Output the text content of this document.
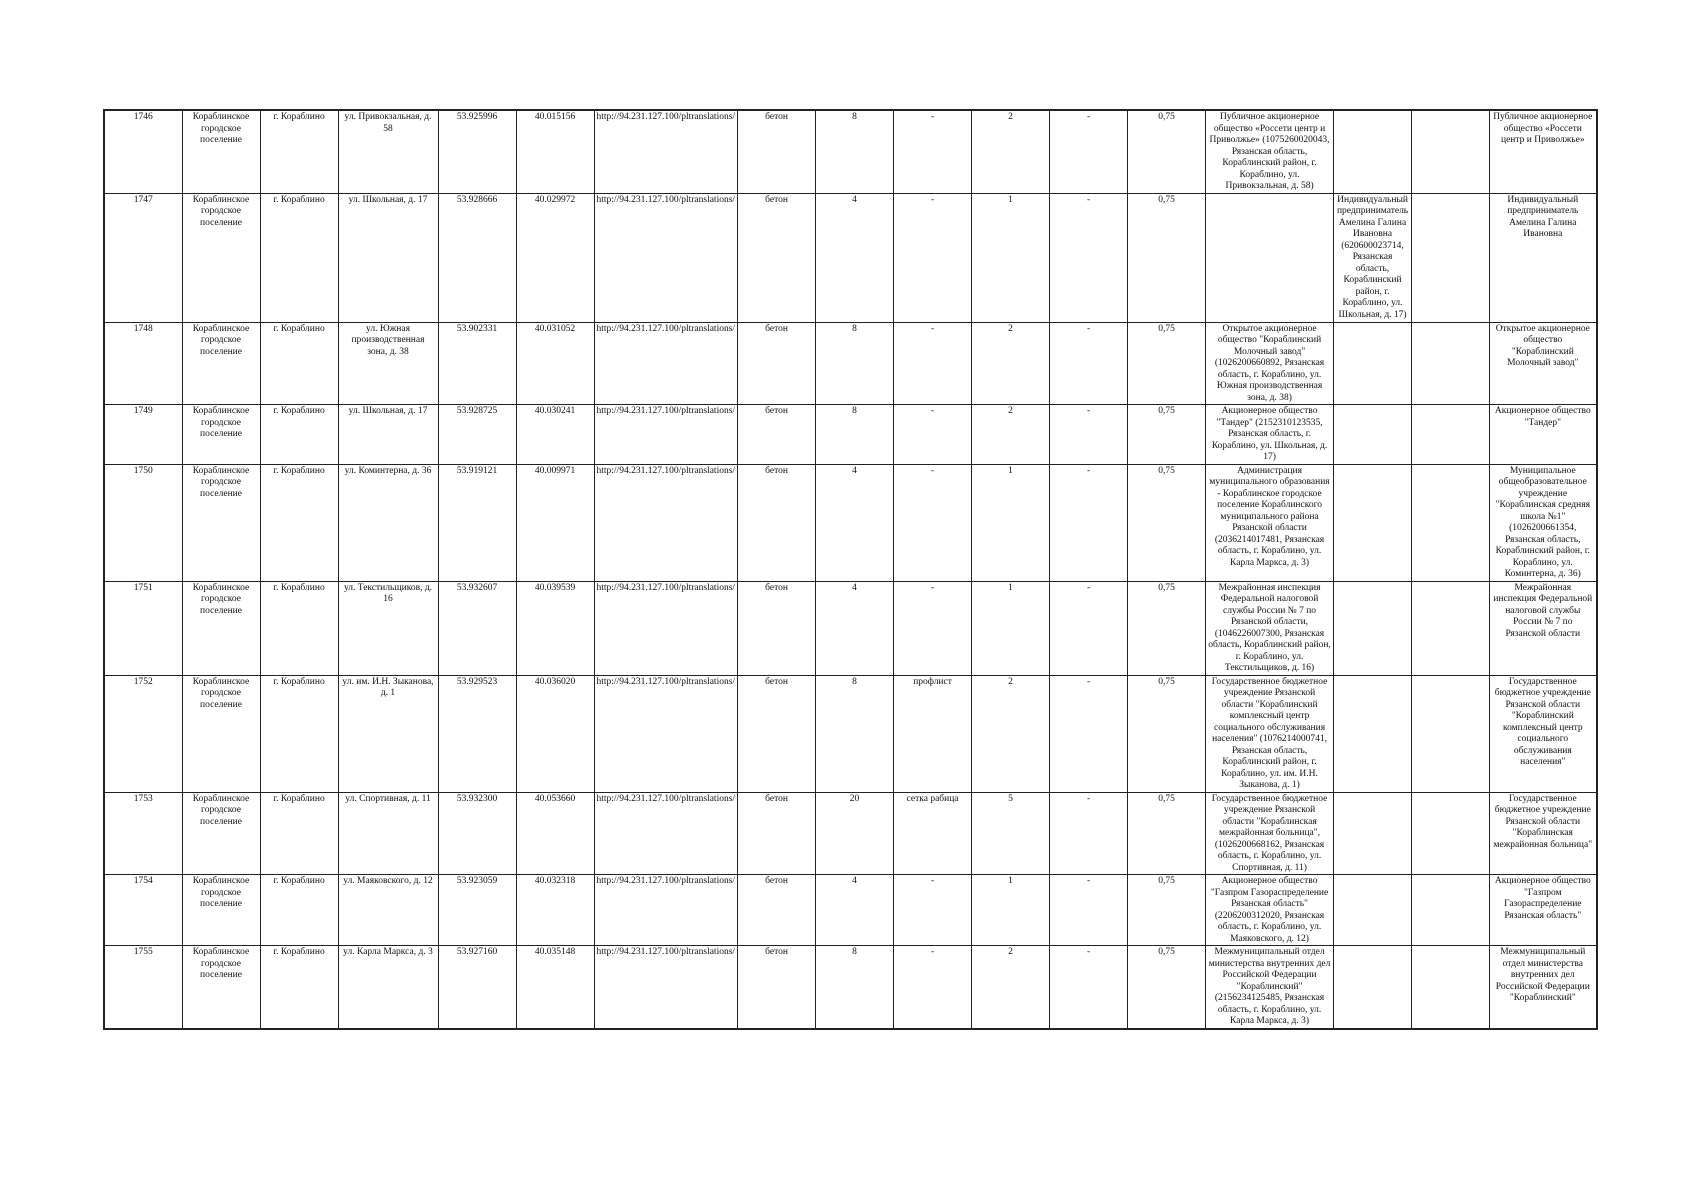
1746	Кораблинское городское поселение	г. Кораблино	ул. Привокзальная, д. 58	53.925996	40.015156	http://94.231.127.100/pltranslations/	бетон	8	-	2	-	0,75	Публичное акционерное общество «Россети центр и Приволжье» (1075260020043, Рязанская область, Кораблинский район, г. Кораблино, ул. Привокзальная, д. 58)			Публичное акционерное общество «Россети центр и Приволжье»
1747	Кораблинское городское поселение	г. Кораблино	ул. Школьная, д. 17	53.928666	40.029972	http://94.231.127.100/pltranslations/	бетон	4	-	1	-	0,75		Индивидуальный предприниматель Амелина Галина Ивановна (620600023714, Рязанская область, Кораблинский район, г. Кораблино, ул. Школьная, д. 17)		Индивидуальный предприниматель Амелина Галина Ивановна
1748	Кораблинское городское поселение	г. Кораблино	ул. Южная производственная зона, д. 38	53.902331	40.031052	http://94.231.127.100/pltranslations/	бетон	8	-	2	-	0,75	Открытое акционерное общество "Кораблинский Молочный завод" (1026200660892, Рязанская область, г. Кораблино, ул. Южная производственная зона, д. 38)			Открытое акционерное общество "Кораблинский Молочный завод"
1749	Кораблинское городское поселение	г. Кораблино	ул. Школьная, д. 17	53.928725	40.030241	http://94.231.127.100/pltranslations/	бетон	8	-	2	-	0,75	Акционерное общество "Тандер" (2152310123535, Рязанская область, г. Кораблино, ул. Школьная, д. 17)			Акционерное общество "Тандер"
1750	Кораблинское городское поселение	г. Кораблино	ул. Коминтерна, д. 36	53.919121	40.009971	http://94.231.127.100/pltranslations/	бетон	4	-	1	-	0,75	Администрация муниципального образования - Кораблинское городское поселение Кораблинского муниципального района Рязанской области (2036214017481, Рязанская область, г. Кораблино, ул. Карла Маркса, д. 3)			Муниципальное общеобразовательное учреждение "Кораблинская средняя школа №1" (1026200661354, Рязанская область, Кораблинский район, г. Кораблино, ул. Коминтерна, д. 36)
1751	Кораблинское городское поселение	г. Кораблино	ул. Текстильщиков, д. 16	53.932607	40.039539	http://94.231.127.100/pltranslations/	бетон	4	-	1	-	0,75	Межрайонная инспекция Федеральной налоговой службы России № 7 по Рязанской области, (1046226007300, Рязанская область, Кораблинский район, г. Кораблино, ул. Текстильщиков, д. 16)			Межрайонная инспекция Федеральной налоговой службы России № 7 по Рязанской области
1752	Кораблинское городское поселение	г. Кораблино	ул. им. И.Н. Зыканова, д. 1	53.929523	40.036020	http://94.231.127.100/pltranslations/	бетон	8	профлист	2	-	0,75	Государственное бюджетное учреждение Рязанской области "Кораблинский комплексный центр социального обслуживания населения" (1076214000741, Рязанская область, Кораблинский район, г. Кораблино, ул. им. И.Н. Зыканова, д. 1)			Государственное бюджетное учреждение Рязанской области "Кораблинский комплексный центр социального обслуживания населения"
1753	Кораблинское городское поселение	г. Кораблино	ул. Спортивная, д. 11	53.932300	40.053660	http://94.231.127.100/pltranslations/	бетон	20	сетка рабица	5	-	0,75	Государственное бюджетное учреждение Рязанской области "Кораблинская межрайонная больница", (1026200668162, Рязанская область, г. Кораблино, ул. Спортивная, д. 11)			Государственное бюджетное учреждение Рязанской области "Кораблинская межрайонная больница"
1754	Кораблинское городское поселение	г. Кораблино	ул. Маяковского, д. 12	53.923059	40.032318	http://94.231.127.100/pltranslations/	бетон	4	-	1	-	0,75	Акционерное общество "Газпром Газораспределение Рязанская область" (2206200312020, Рязанская область, г. Кораблино, ул. Маяковского, д. 12)			Акционерное общество "Газпром Газораспределение Рязанская область"
1755	Кораблинское городское поселение	г. Кораблино	ул. Карла Маркса, д. 3	53.927160	40.035148	http://94.231.127.100/pltranslations/	бетон	8	-	2	-	0,75	Межмуниципальный отдел министерства внутренних дел Российской Федерации "Кораблинский" (2156234125485, Рязанская область, г. Кораблино, ул. Карла Маркса, д. 3)			Межмуниципальный отдел министерства внутренних дел Российской Федерации "Кораблинский"
